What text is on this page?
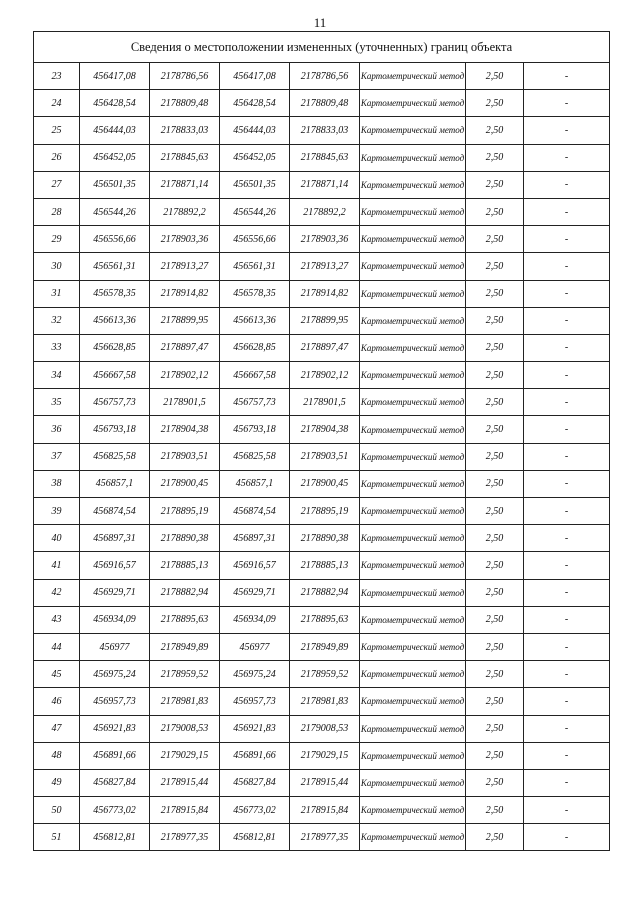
11
Сведения о местоположении измененных (уточненных) границ объекта							
23	456417,08	2178786,56	456417,08	2178786,56	Картометрический метод	2,50	-
24	456428,54	2178809,48	456428,54	2178809,48	Картометрический метод	2,50	-
25	456444,03	2178833,03	456444,03	2178833,03	Картометрический метод	2,50	-
26	456452,05	2178845,63	456452,05	2178845,63	Картометрический метод	2,50	-
27	456501,35	2178871,14	456501,35	2178871,14	Картометрический метод	2,50	-
28	456544,26	2178892,2	456544,26	2178892,2	Картометрический метод	2,50	-
29	456556,66	2178903,36	456556,66	2178903,36	Картометрический метод	2,50	-
30	456561,31	2178913,27	456561,31	2178913,27	Картометрический метод	2,50	-
31	456578,35	2178914,82	456578,35	2178914,82	Картометрический метод	2,50	-
32	456613,36	2178899,95	456613,36	2178899,95	Картометрический метод	2,50	-
33	456628,85	2178897,47	456628,85	2178897,47	Картометрический метод	2,50	-
34	456667,58	2178902,12	456667,58	2178902,12	Картометрический метод	2,50	-
35	456757,73	2178901,5	456757,73	2178901,5	Картометрический метод	2,50	-
36	456793,18	2178904,38	456793,18	2178904,38	Картометрический метод	2,50	-
37	456825,58	2178903,51	456825,58	2178903,51	Картометрический метод	2,50	-
38	456857,1	2178900,45	456857,1	2178900,45	Картометрический метод	2,50	-
39	456874,54	2178895,19	456874,54	2178895,19	Картометрический метод	2,50	-
40	456897,31	2178890,38	456897,31	2178890,38	Картометрический метод	2,50	-
41	456916,57	2178885,13	456916,57	2178885,13	Картометрический метод	2,50	-
42	456929,71	2178882,94	456929,71	2178882,94	Картометрический метод	2,50	-
43	456934,09	2178895,63	456934,09	2178895,63	Картометрический метод	2,50	-
44	456977	2178949,89	456977	2178949,89	Картометрический метод	2,50	-
45	456975,24	2178959,52	456975,24	2178959,52	Картометрический метод	2,50	-
46	456957,73	2178981,83	456957,73	2178981,83	Картометрический метод	2,50	-
47	456921,83	2179008,53	456921,83	2179008,53	Картометрический метод	2,50	-
48	456891,66	2179029,15	456891,66	2179029,15	Картометрический метод	2,50	-
49	456827,84	2178915,44	456827,84	2178915,44	Картометрический метод	2,50	-
50	456773,02	2178915,84	456773,02	2178915,84	Картометрический метод	2,50	-
51	456812,81	2178977,35	456812,81	2178977,35	Картометрический метод	2,50	-
